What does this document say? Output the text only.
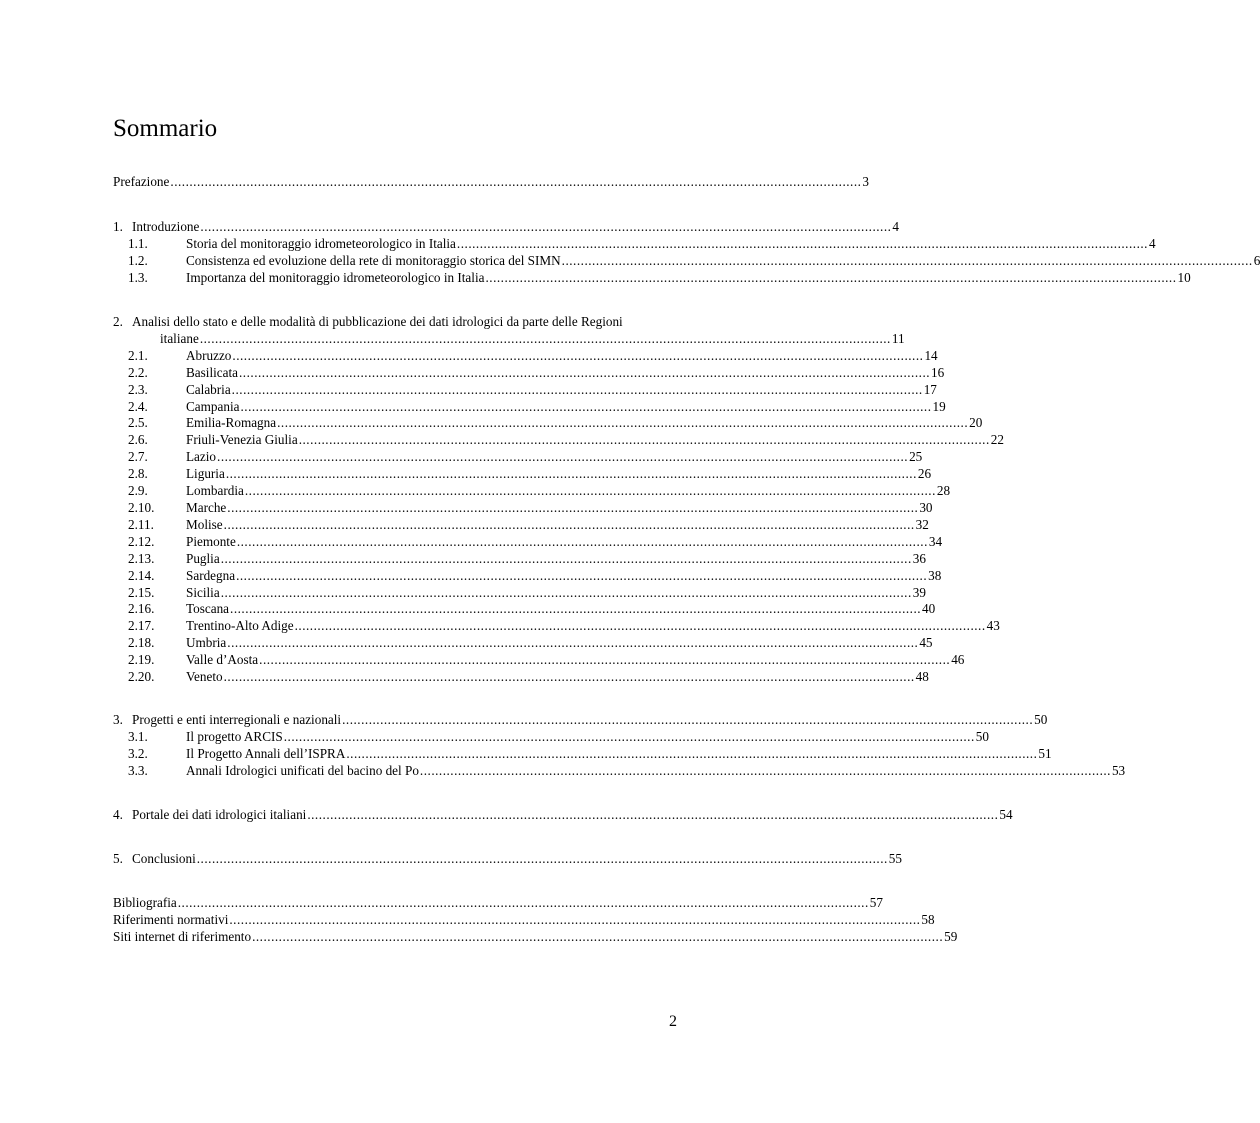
Sommario
Prefazione ...................................................................................................................................................................................... 3
1. Introduzione ...................................................................................................................................................................................... 4
1.1.	Storia del monitoraggio idrometeorologico in Italia ...................................................................................................................................................................................... 4
1.2.	Consistenza ed evoluzione della rete di monitoraggio storica del SIMN ...................................................................................................................................................................................... 6
1.3.	Importanza del monitoraggio idrometeorologico in Italia ...................................................................................................................................................................................... 10
2. Analisi dello stato e delle modalità di pubblicazione dei dati idrologici da parte delle Regioni
italiane ...................................................................................................................................................................................... 11
2.1.	Abruzzo ...................................................................................................................................................................................... 14
2.2.	Basilicata ...................................................................................................................................................................................... 16
2.3.	Calabria ...................................................................................................................................................................................... 17
2.4.	Campania ...................................................................................................................................................................................... 19
2.5.	Emilia-Romagna ...................................................................................................................................................................................... 20
2.6.	Friuli-Venezia Giulia ...................................................................................................................................................................................... 22
2.7.	Lazio ...................................................................................................................................................................................... 25
2.8.	Liguria ...................................................................................................................................................................................... 26
2.9.	Lombardia ...................................................................................................................................................................................... 28
2.10.	Marche ...................................................................................................................................................................................... 30
2.11.	Molise ...................................................................................................................................................................................... 32
2.12.	Piemonte ...................................................................................................................................................................................... 34
2.13.	Puglia ...................................................................................................................................................................................... 36
2.14.	Sardegna ...................................................................................................................................................................................... 38
2.15.	Sicilia ...................................................................................................................................................................................... 39
2.16.	Toscana ...................................................................................................................................................................................... 40
2.17.	Trentino-Alto Adige ...................................................................................................................................................................................... 43
2.18.	Umbria ...................................................................................................................................................................................... 45
2.19.	Valle d’Aosta ...................................................................................................................................................................................... 46
2.20.	Veneto ...................................................................................................................................................................................... 48
3. Progetti e enti interregionali e nazionali ...................................................................................................................................................................................... 50
3.1.	Il progetto ARCIS ...................................................................................................................................................................................... 50
3.2.	Il Progetto Annali dell’ISPRA ...................................................................................................................................................................................... 51
3.3.	Annali Idrologici unificati del bacino del Po ...................................................................................................................................................................................... 53
4. Portale dei dati idrologici italiani ...................................................................................................................................................................................... 54
5. Conclusioni ...................................................................................................................................................................................... 55
Bibliografia ...................................................................................................................................................................................... 57
Riferimenti normativi ...................................................................................................................................................................................... 58
Siti internet di riferimento ...................................................................................................................................................................................... 59
2
